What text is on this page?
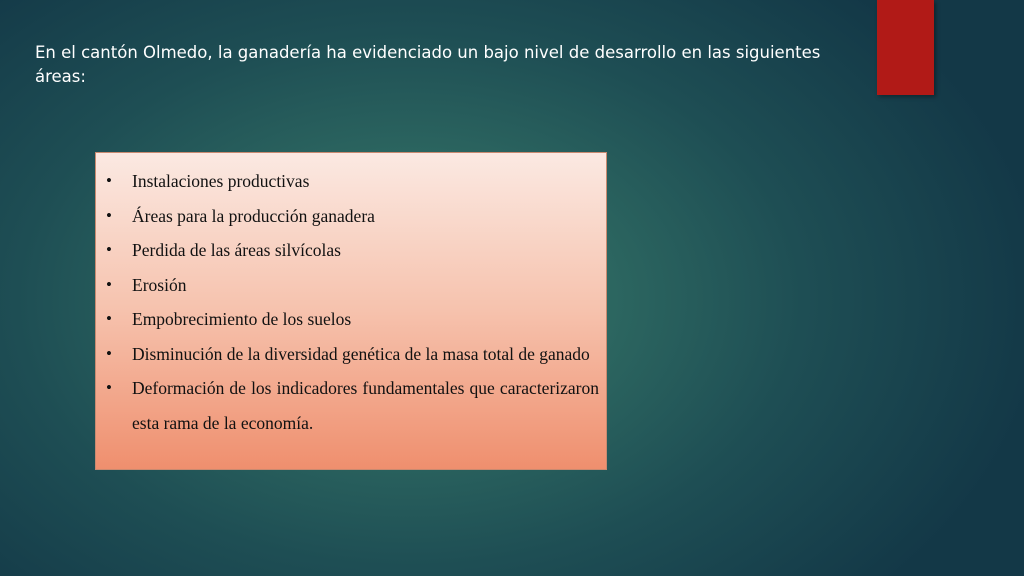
En el cantón Olmedo, la ganadería ha evidenciado un bajo nivel de desarrollo en las siguientes áreas:
• Instalaciones productivas
• Áreas para la producción ganadera
• Perdida de las áreas silvícolas
• Erosión
• Empobrecimiento de los suelos
• Disminución de la diversidad genética de la masa total de ganado
• Deformación de los indicadores fundamentales que caracterizaron esta rama de la economía.
